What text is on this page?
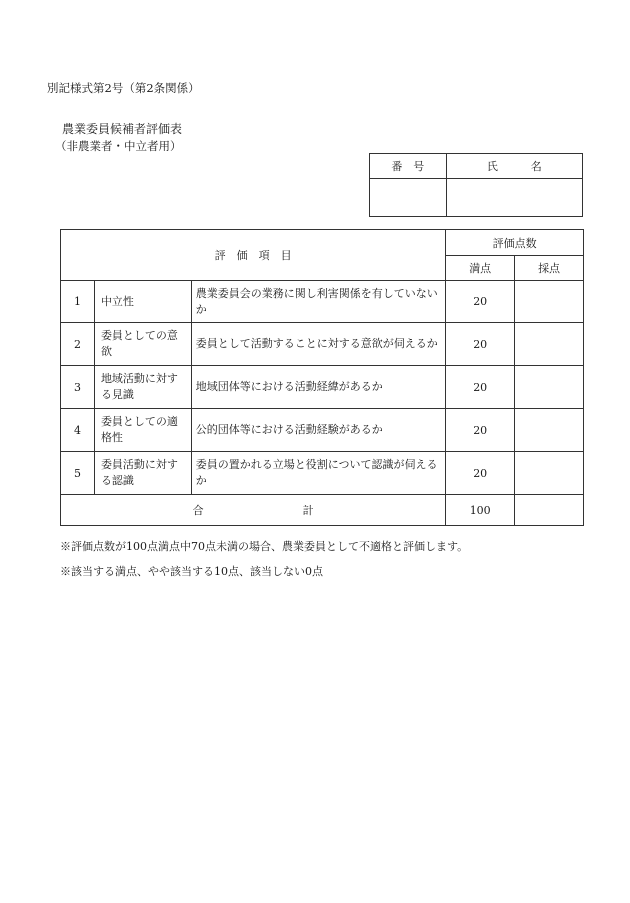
別記様式第2号（第2条関係）
農業委員候補者評価表
（非農業者・中立者用）
番　号	氏　　　名

評　価　項　目			評価点数	
			満点	採点
1	中立性	農業委員会の業務に関し利害関係を有していないか	20	
2	委員としての意欲	委員として活動することに対する意欲が伺えるか	20	
3	地域活動に対する見識	地域団体等における活動経緯があるか	20	
4	委員としての適格性	公的団体等における活動経験があるか	20	
5	委員活動に対する認識	委員の置かれる立場と役割について認識が伺えるか	20	
合　　　　　　　　　計			100	
※評価点数が100点満点中70点未満の場合、農業委員として不適格と評価します。
※該当する満点、やや該当する10点、該当しない0点
